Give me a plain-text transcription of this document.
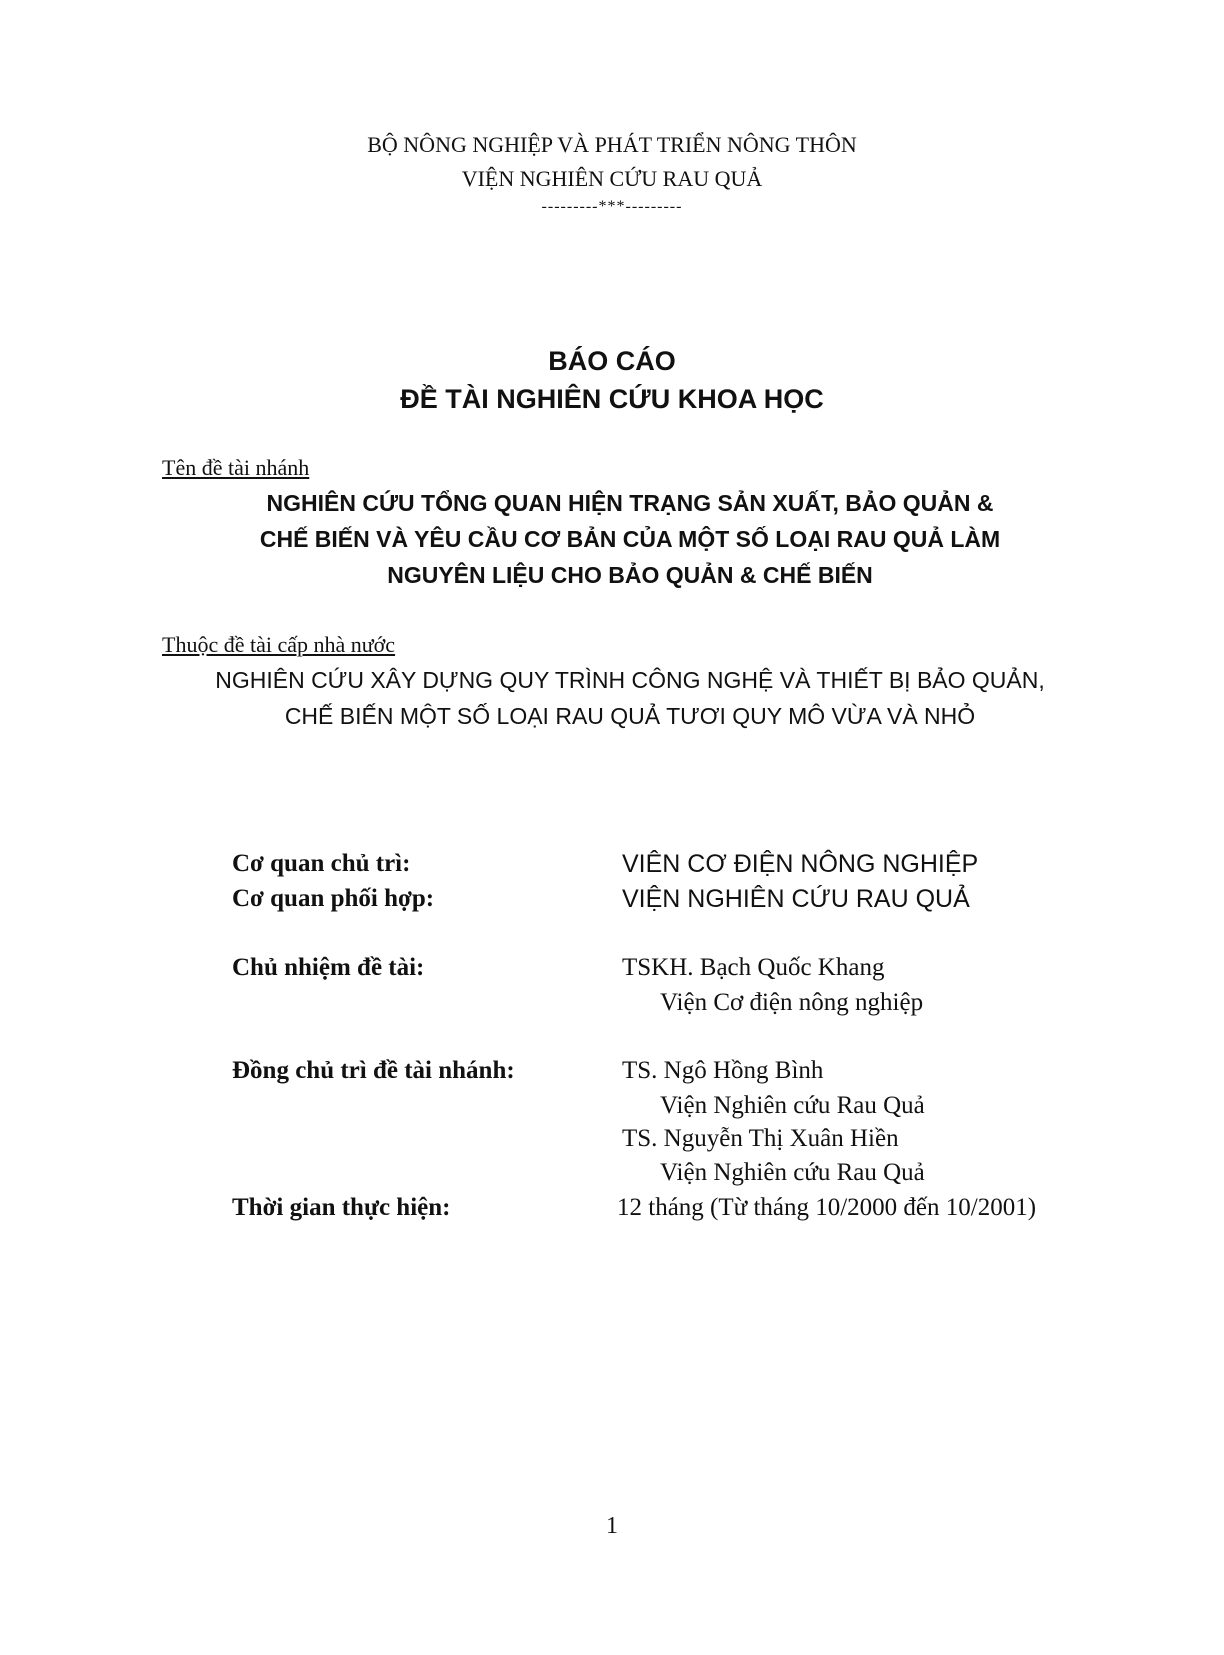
BỘ NÔNG NGHIỆP VÀ PHÁT TRIỂN NÔNG THÔN
VIỆN NGHIÊN CỨU RAU QUẢ
---------***---------
BÁO CÁO
ĐỀ TÀI NGHIÊN CỨU KHOA HỌC
Tên đề tài nhánh
NGHIÊN CỨU TỔNG QUAN HIỆN TRẠNG SẢN XUẤT, BẢO QUẢN &
CHẾ BIẾN VÀ YÊU CẦU CƠ BẢN CỦA MỘT SỐ LOẠI RAU QUẢ LÀM
NGUYÊN LIỆU CHO BẢO QUẢN & CHẾ BIẾN
Thuộc đề tài cấp nhà nước
NGHIÊN CỨU XÂY DỰNG QUY TRÌNH CÔNG NGHỆ VÀ THIẾT BỊ BẢO QUẢN,
CHẾ BIẾN MỘT SỐ LOẠI RAU QUẢ TƯƠI QUY MÔ VỪA VÀ NHỎ
Cơ quan chủ trì:	VIÊN CƠ ĐIỆN NÔNG NGHIỆP
Cơ quan phối hợp:	VIỆN NGHIÊN CỨU RAU QUẢ
Chủ nhiệm đề tài:	TSKH. Bạch Quốc Khang
Viện Cơ điện nông nghiệp
Đồng chủ trì đề tài nhánh:	TS. Ngô Hồng Bình
Viện Nghiên cứu Rau Quả
TS. Nguyễn Thị Xuân Hiền
Viện Nghiên cứu Rau Quả
Thời gian thực hiện:	12 tháng (Từ tháng 10/2000 đến 10/2001)
1
